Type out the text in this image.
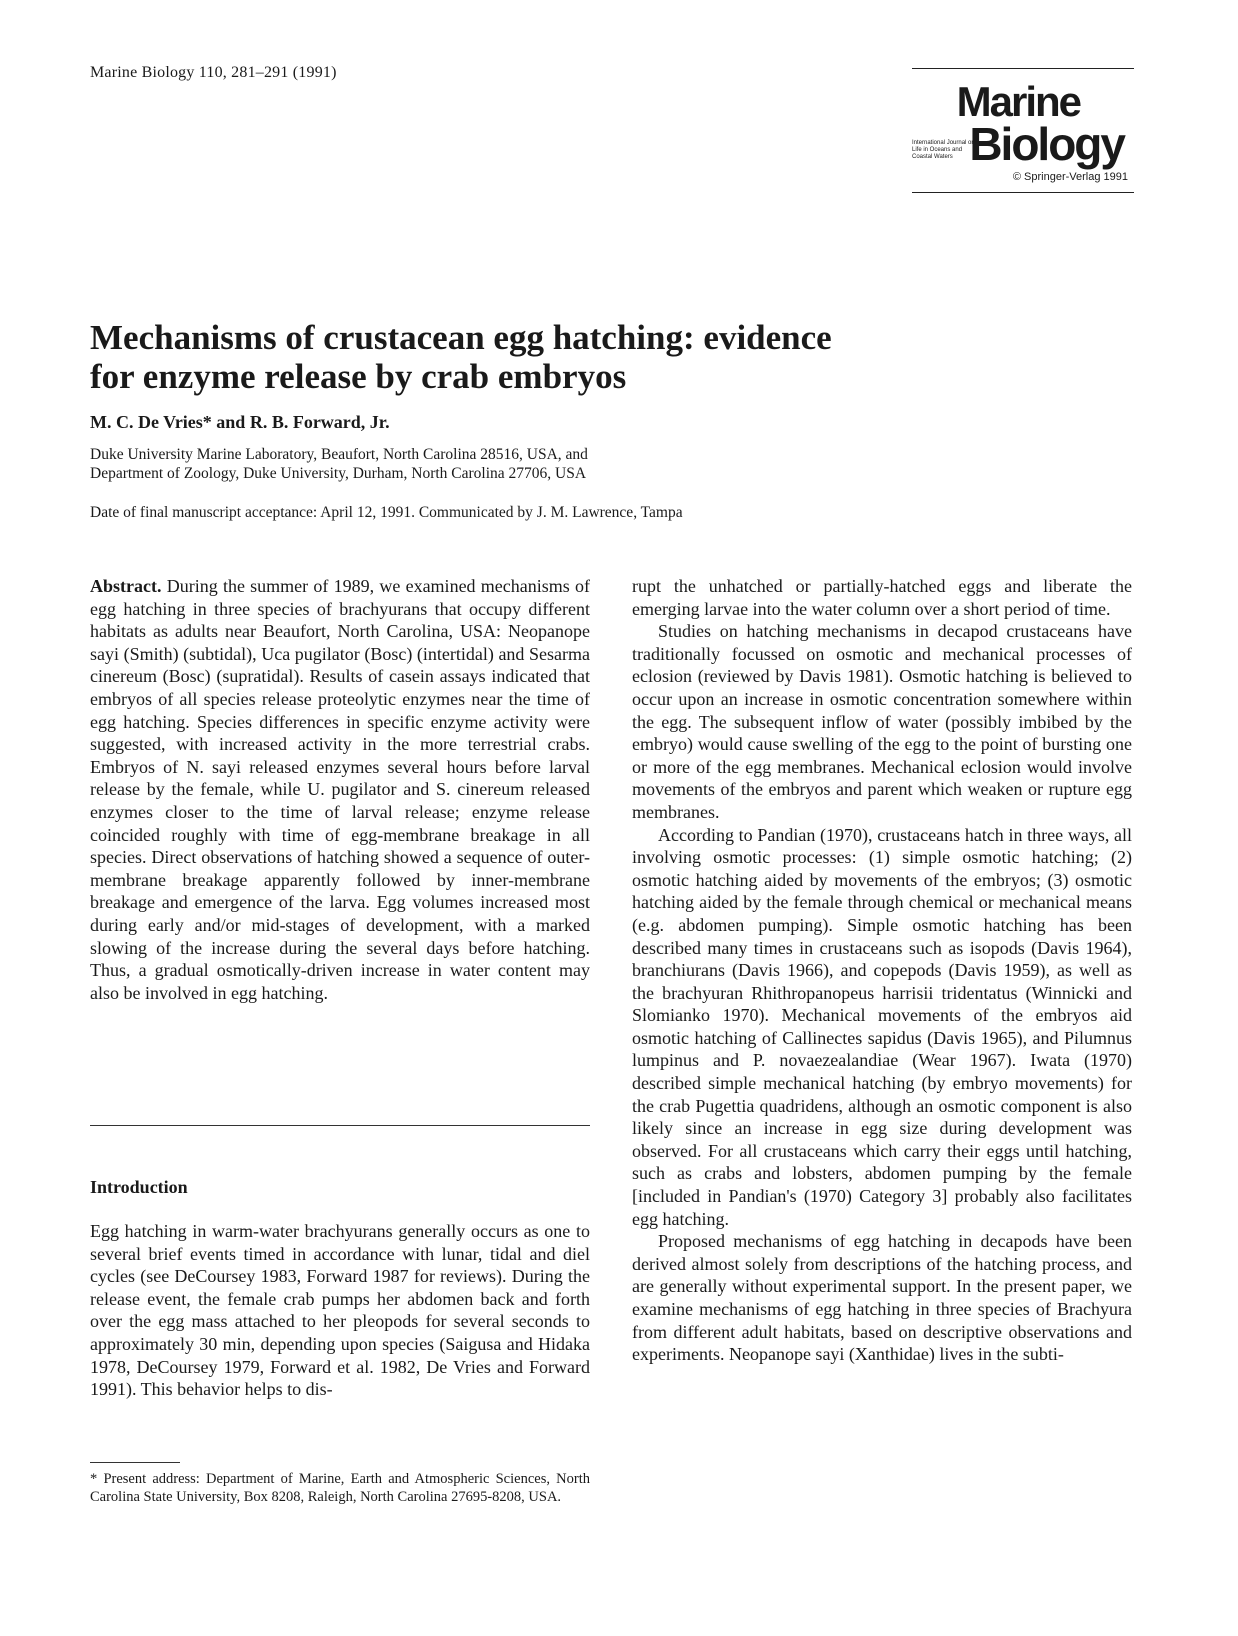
Marine Biology 110, 281–291 (1991)
Marine
Biology
International Journal on Life in Oceans and Coastal Waters
© Springer-Verlag 1991
Mechanisms of crustacean egg hatching: evidence for enzyme release by crab embryos
M. C. De Vries* and R. B. Forward, Jr.
Duke University Marine Laboratory, Beaufort, North Carolina 28516, USA, and
Department of Zoology, Duke University, Durham, North Carolina 27706, USA
Date of final manuscript acceptance: April 12, 1991. Communicated by J. M. Lawrence, Tampa

Abstract. During the summer of 1989, we examined mechanisms of egg hatching in three species of brachyurans that occupy different habitats as adults near Beaufort, North Carolina, USA: Neopanope sayi (Smith) (subtidal), Uca pugilator (Bosc) (intertidal) and Sesarma cinereum (Bosc) (supratidal). Results of casein assays indicated that embryos of all species release proteolytic enzymes near the time of egg hatching. Species differences in specific enzyme activity were suggested, with increased activity in the more terrestrial crabs. Embryos of N. sayi released enzymes several hours before larval release by the female, while U. pugilator and S. cinereum released enzymes closer to the time of larval release; enzyme release coincided roughly with time of egg-membrane breakage in all species. Direct observations of hatching showed a sequence of outer-membrane breakage apparently followed by inner-membrane breakage and emergence of the larva. Egg volumes increased most during early and/or mid-stages of development, with a marked slowing of the increase during the several days before hatching. Thus, a gradual osmotically-driven increase in water content may also be involved in egg hatching.

Introduction

Egg hatching in warm-water brachyurans generally occurs as one to several brief events timed in accordance with lunar, tidal and diel cycles (see DeCoursey 1983, Forward 1987 for reviews). During the release event, the female crab pumps her abdomen back and forth over the egg mass attached to her pleopods for several seconds to approximately 30 min, depending upon species (Saigusa and Hidaka 1978, DeCoursey 1979, Forward et al. 1982, De Vries and Forward 1991). This behavior helps to dis-

* Present address: Department of Marine, Earth and Atmospheric Sciences, North Carolina State University, Box 8208, Raleigh, North Carolina 27695-8208, USA.

rupt the unhatched or partially-hatched eggs and liberate the emerging larvae into the water column over a short period of time.

Studies on hatching mechanisms in decapod crustaceans have traditionally focussed on osmotic and mechanical processes of eclosion (reviewed by Davis 1981). Osmotic hatching is believed to occur upon an increase in osmotic concentration somewhere within the egg. The subsequent inflow of water (possibly imbibed by the embryo) would cause swelling of the egg to the point of bursting one or more of the egg membranes. Mechanical eclosion would involve movements of the embryos and parent which weaken or rupture egg membranes.

According to Pandian (1970), crustaceans hatch in three ways, all involving osmotic processes: (1) simple osmotic hatching; (2) osmotic hatching aided by movements of the embryos; (3) osmotic hatching aided by the female through chemical or mechanical means (e.g. abdomen pumping). Simple osmotic hatching has been described many times in crustaceans such as isopods (Davis 1964), branchiurans (Davis 1966), and copepods (Davis 1959), as well as the brachyuran Rhithropanopeus harrisii tridentatus (Winnicki and Slomianko 1970). Mechanical movements of the embryos aid osmotic hatching of Callinectes sapidus (Davis 1965), and Pilumnus lumpinus and P. novaezealandiae (Wear 1967). Iwata (1970) described simple mechanical hatching (by embryo movements) for the crab Pugettia quadridens, although an osmotic component is also likely since an increase in egg size during development was observed. For all crustaceans which carry their eggs until hatching, such as crabs and lobsters, abdomen pumping by the female [included in Pandian's (1970) Category 3] probably also facilitates egg hatching.

Proposed mechanisms of egg hatching in decapods have been derived almost solely from descriptions of the hatching process, and are generally without experimental support. In the present paper, we examine mechanisms of egg hatching in three species of Brachyura from different adult habitats, based on descriptive observations and experiments. Neopanope sayi (Xanthidae) lives in the subti-
